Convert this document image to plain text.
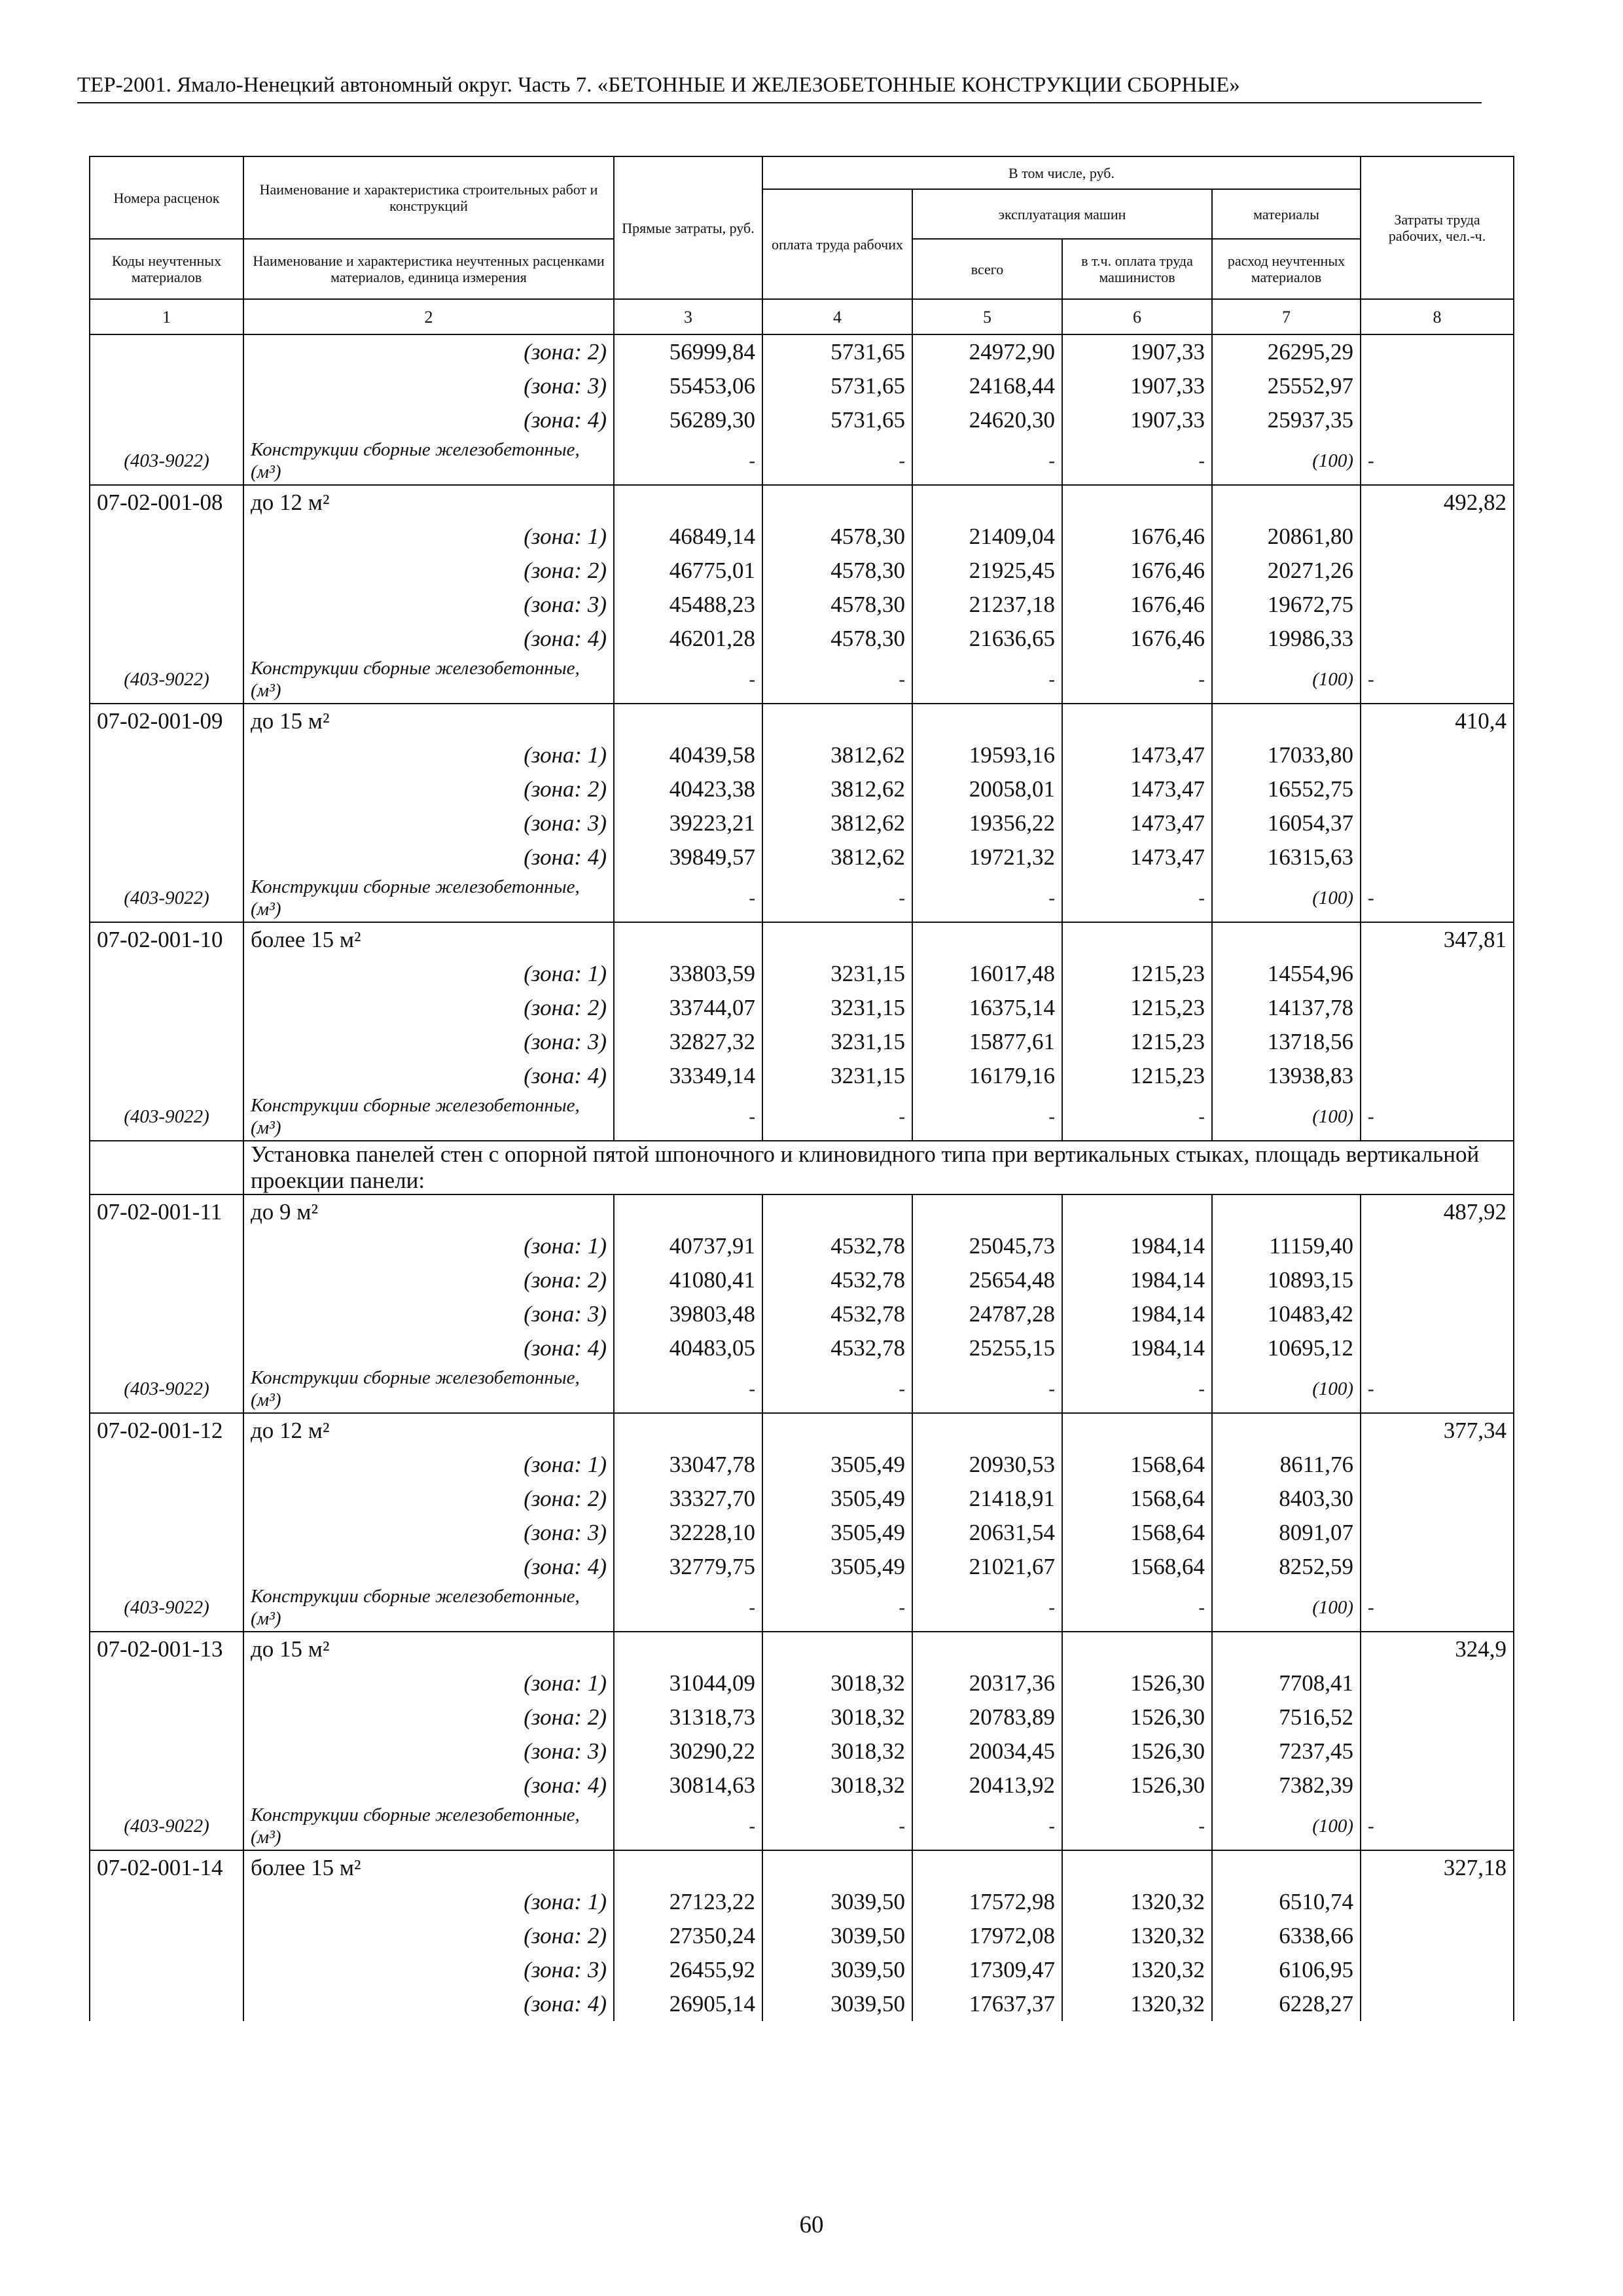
ТЕР-2001. Ямало-Ненецкий автономный округ. Часть 7. «БЕТОННЫЕ И ЖЕЛЕЗОБЕТОННЫЕ КОНСТРУКЦИИ СБОРНЫЕ»
Номера расценок	Наименование и характеристика строительных работ и конструкций	Прямые затраты, руб.	В том числе, руб.				Затраты труда рабочих, чел.-ч.
			оплата труда рабочих	эксплуатация машин		материалы	
Коды неучтенных материалов	Наименование и характеристика неучтенных расценками материалов, единица измерения			всего	в т.ч. оплата труда машинистов	расход неучтенных материалов	
1	2	3	4	5	6	7	8
	(зона: 2)	56999,84	5731,65	24972,90	1907,33	26295,29	
	(зона: 3)	55453,06	5731,65	24168,44	1907,33	25552,97	
	(зона: 4)	56289,30	5731,65	24620,30	1907,33	25937,35	
(403-9022)	Конструкции сборные железобетонные, (м³)	-	-	-	-	(100)	-
07-02-001-08	до 12 м²						492,82
	(зона: 1)	46849,14	4578,30	21409,04	1676,46	20861,80	
	(зона: 2)	46775,01	4578,30	21925,45	1676,46	20271,26	
	(зона: 3)	45488,23	4578,30	21237,18	1676,46	19672,75	
	(зона: 4)	46201,28	4578,30	21636,65	1676,46	19986,33	
(403-9022)	Конструкции сборные железобетонные, (м³)	-	-	-	-	(100)	-
07-02-001-09	до 15 м²						410,4
	(зона: 1)	40439,58	3812,62	19593,16	1473,47	17033,80	
	(зона: 2)	40423,38	3812,62	20058,01	1473,47	16552,75	
	(зона: 3)	39223,21	3812,62	19356,22	1473,47	16054,37	
	(зона: 4)	39849,57	3812,62	19721,32	1473,47	16315,63	
(403-9022)	Конструкции сборные железобетонные, (м³)	-	-	-	-	(100)	-
07-02-001-10	более 15 м²						347,81
	(зона: 1)	33803,59	3231,15	16017,48	1215,23	14554,96	
	(зона: 2)	33744,07	3231,15	16375,14	1215,23	14137,78	
	(зона: 3)	32827,32	3231,15	15877,61	1215,23	13718,56	
	(зона: 4)	33349,14	3231,15	16179,16	1215,23	13938,83	
(403-9022)	Конструкции сборные железобетонные, (м³)	-	-	-	-	(100)	-
	Установка панелей стен с опорной пятой шпоночного и клиновидного типа при вертикальных стыках, площадь вертикальной проекции панели:						
07-02-001-11	до 9 м²						487,92
	(зона: 1)	40737,91	4532,78	25045,73	1984,14	11159,40	
	(зона: 2)	41080,41	4532,78	25654,48	1984,14	10893,15	
	(зона: 3)	39803,48	4532,78	24787,28	1984,14	10483,42	
	(зона: 4)	40483,05	4532,78	25255,15	1984,14	10695,12	
(403-9022)	Конструкции сборные железобетонные, (м³)	-	-	-	-	(100)	-
07-02-001-12	до 12 м²						377,34
	(зона: 1)	33047,78	3505,49	20930,53	1568,64	8611,76	
	(зона: 2)	33327,70	3505,49	21418,91	1568,64	8403,30	
	(зона: 3)	32228,10	3505,49	20631,54	1568,64	8091,07	
	(зона: 4)	32779,75	3505,49	21021,67	1568,64	8252,59	
(403-9022)	Конструкции сборные железобетонные, (м³)	-	-	-	-	(100)	-
07-02-001-13	до 15 м²						324,9
	(зона: 1)	31044,09	3018,32	20317,36	1526,30	7708,41	
	(зона: 2)	31318,73	3018,32	20783,89	1526,30	7516,52	
	(зона: 3)	30290,22	3018,32	20034,45	1526,30	7237,45	
	(зона: 4)	30814,63	3018,32	20413,92	1526,30	7382,39	
(403-9022)	Конструкции сборные железобетонные, (м³)	-	-	-	-	(100)	-
07-02-001-14	более 15 м²						327,18
	(зона: 1)	27123,22	3039,50	17572,98	1320,32	6510,74	
	(зона: 2)	27350,24	3039,50	17972,08	1320,32	6338,66	
	(зона: 3)	26455,92	3039,50	17309,47	1320,32	6106,95	
	(зона: 4)	26905,14	3039,50	17637,37	1320,32	6228,27	
60
